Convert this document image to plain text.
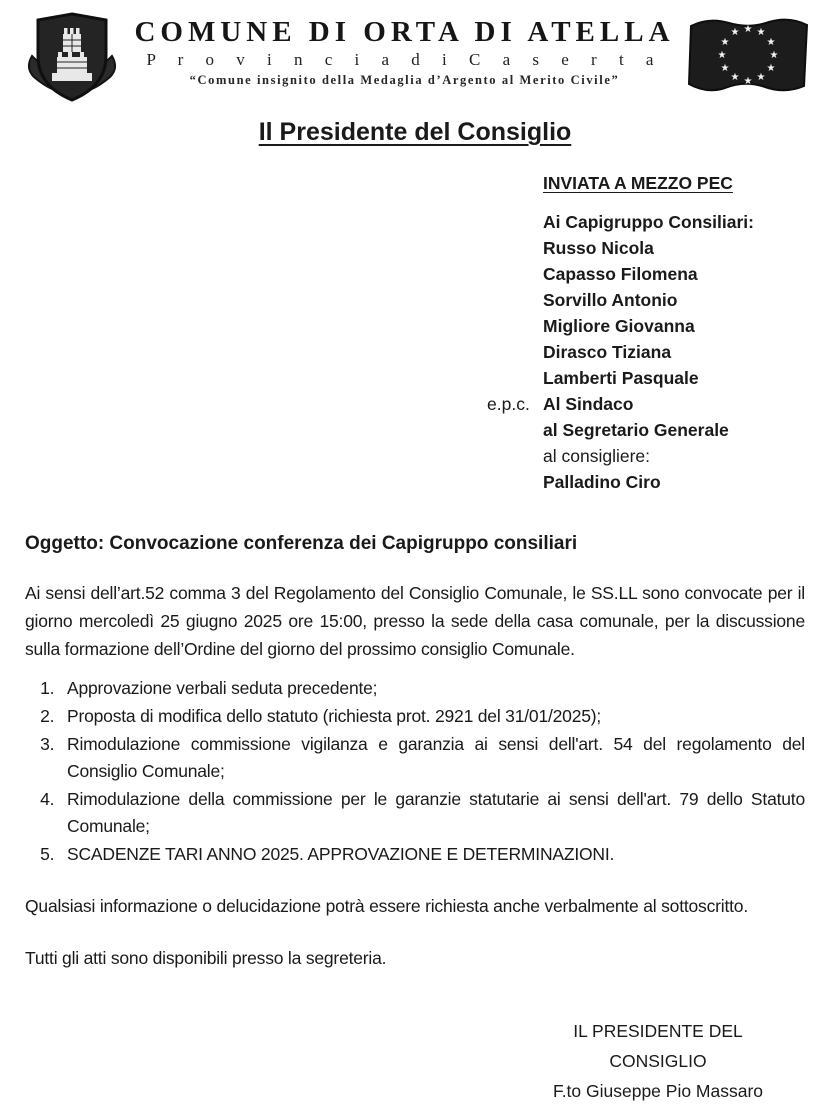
COMUNE DI ORTA DI ATELLA
P r o v i n c i a d i C a s e r t a
“Comune insignito della Medaglia d’Argento al Merito Civile”
★ ★
★
★
★
★
★
★
★
★
★
★
Il Presidente del Consiglio
INVIATA A MEZZO PEC
Ai Capigruppo Consiliari:
Russo Nicola
Capasso Filomena
Sorvillo Antonio
Migliore Giovanna
Dirasco Tiziana
Lamberti Pasquale
e.p.c. Al Sindaco
al Segretario Generale
al consigliere:
Palladino Ciro
Oggetto: Convocazione conferenza dei Capigruppo consiliari
Ai sensi dell’art.52 comma 3 del Regolamento del Consiglio Comunale, le SS.LL sono convocate per il giorno mercoledì 25 giugno 2025 ore 15:00, presso la sede della casa comunale, per la discussione sulla formazione dell’Ordine del giorno del prossimo consiglio Comunale.
1. Approvazione verbali seduta precedente;
2. Proposta di modifica dello statuto (richiesta prot. 2921 del 31/01/2025);
3. Rimodulazione commissione vigilanza e garanzia ai sensi dell'art. 54 del regolamento del Consiglio Comunale;
4. Rimodulazione della commissione per le garanzie statutarie ai sensi dell'art. 79 dello Statuto Comunale;
5. SCADENZE TARI ANNO 2025. APPROVAZIONE E DETERMINAZIONI.
Qualsiasi informazione o delucidazione potrà essere richiesta anche verbalmente al sottoscritto.
Tutti gli atti sono disponibili presso la segreteria.
IL PRESIDENTE DEL CONSIGLIO
F.to Giuseppe Pio Massaro
